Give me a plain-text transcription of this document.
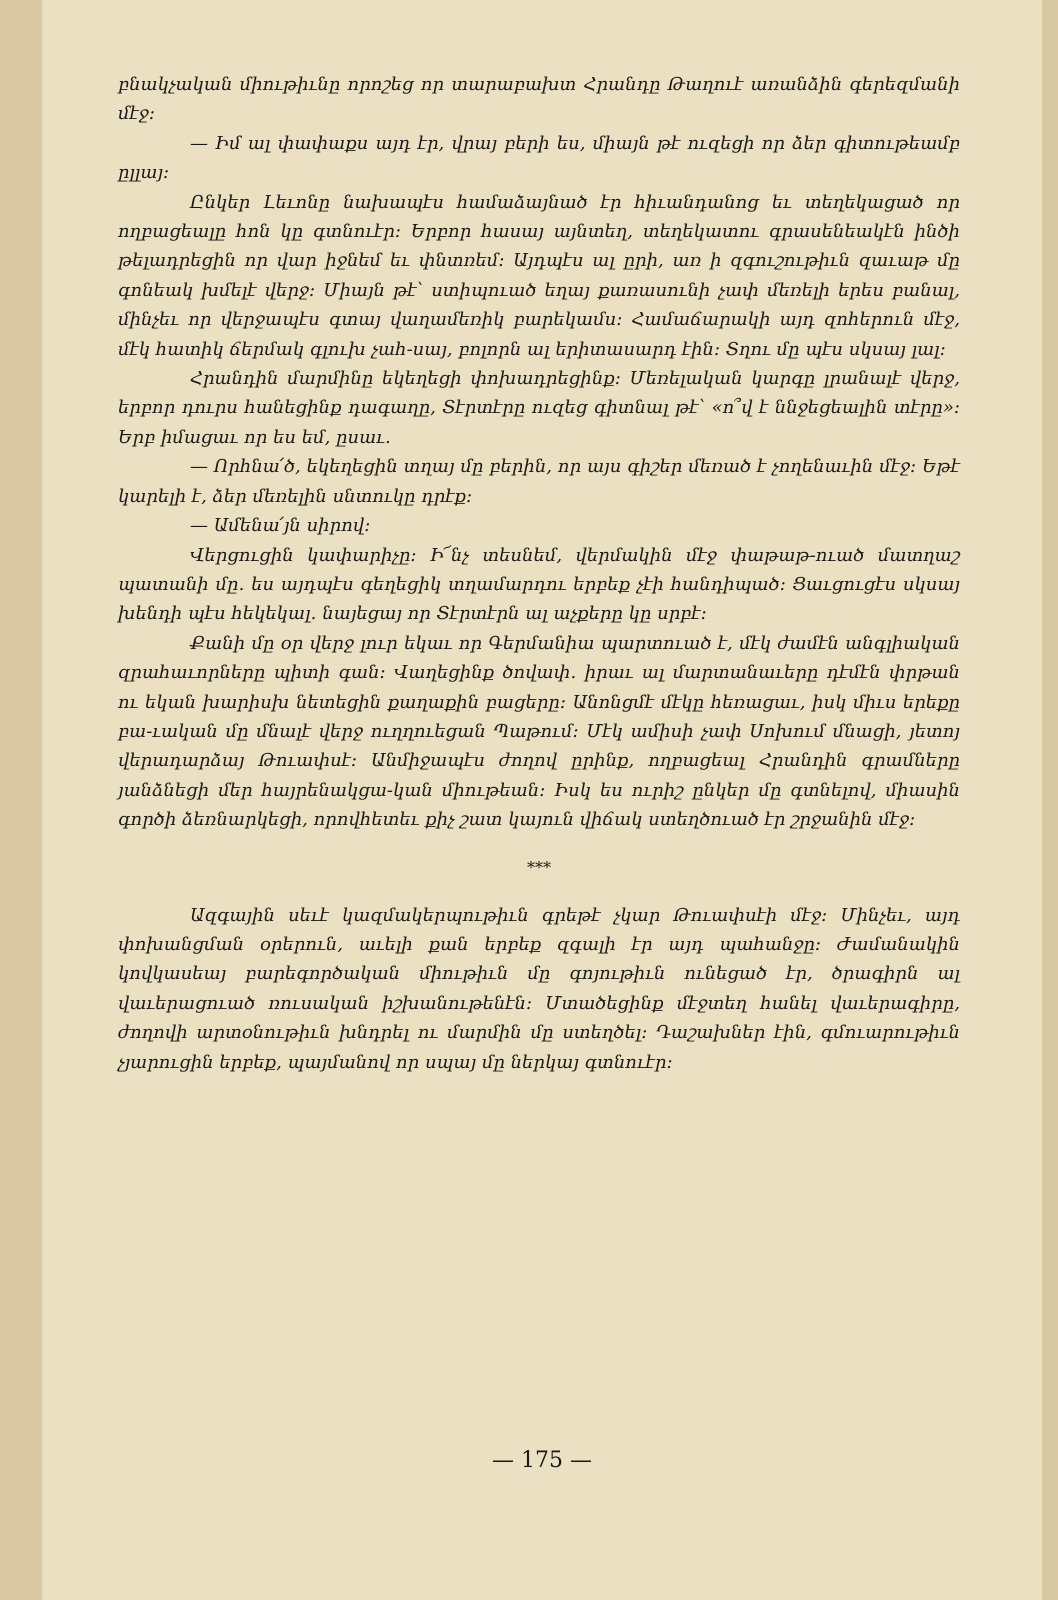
բնակչական միութիւնը որոշեց որ տարաբախտ Հրանդը Թաղուէ առանձին գերեզմանի մէջ։

— Իմ ալ փափաքս այդ էր, վրայ բերի ես, միայն թէ ուզեցի որ ձեր գիտութեամբ ըլլայ։

Ընկեր Լեւոնը նախապէս համաձայնած էր հիւանդանոց եւ տեղեկացած որ ողբացեալը հոն կը գտնուէր։ Երբոր հասայ այնտեղ, տեղեկատու գրասենեակէն ինծի թելադրեցին որ վար իջնեմ եւ փնտռեմ։ Այդպէս ալ ըրի, առ ի զգուշութիւն զաւաթ մը գոնեակ խմելէ վերջ։ Միայն թէ՝ ստիպուած եղայ քառասունի չափ մեռելի երես բանալ, մինչեւ որ վերջապէս գտայ վաղամեռիկ բարեկամս։ Համաճարակի այդ զոհերուն մէջ, մէկ հատիկ ճերմակ գլուխ չահ-սայ, բոլորն ալ երիտասարդ էին։ Տղու մը պէս սկսայ լալ։

Հրանդին մարմինը եկեղեցի փոխադրեցինք։ Մեռելական կարգը լրանալէ վերջ, երբոր դուրս հանեցինք դագաղը, Տէրտէրը ուզեց գիտնալ թէ՝ «ո՞վ է ննջեցեալին տէրը»։ Երբ իմացաւ որ ես եմ, ըսաւ․

— Որհնա՛ծ, եկեղեցին տղայ մը բերին, որ այս գիշեր մեռած է չողենաւին մէջ։ Եթէ կարելի է, ձեր մեռելին սնտուկը դրէք։

— Ամենա՛յն սիրով։

Վերցուցին կափարիչը։ Ի՜նչ տեսնեմ, վերմակին մէջ փաթաթ-ուած մատղաշ պատանի մը․ ես այդպէս գեղեցիկ տղամարդու երբեք չէի հանդիպած։ Ցաւցուցէս սկսայ խենդի պէս հեկեկալ․ նայեցայ որ Տէրտէրն ալ աչքերը կը սրբէ։

Քանի մը օր վերջ լուր եկաւ որ Գերմանիա պարտուած է, մէկ ժամէն անգլիական զրահաւորները պիտի գան։ Վաղեցինք ծովափ․ իրաւ ալ մարտանաւերը դէմէն փրթան ու եկան խարիսխ նետեցին քաղաքին բացերը։ Անոնցմէ մէկը հեռացաւ, իսկ միւս երեքը բա-ւական մը մնալէ վերջ ուղղուեցան Պաթում։ Մէկ ամիսի չափ Սոխում մնացի, յետոյ վերադարձայ Թուափսէ։ Անմիջապէս ժողով ըրինք, ողբացեալ Հրանդին գրամները յանձնեցի մեր հայրենակցա-կան միութեան։ Իսկ ես ուրիշ ընկեր մը գտնելով, միասին գործի ձեռնարկեցի, որովհետեւ քիչ շատ կայուն վիճակ ստեղծուած էր շրջանին մէջ։

***

Ազգային սեւէ կազմակերպութիւն գրեթէ չկար Թուափսէի մէջ։ Մինչեւ, այդ փոխանցման օրերուն, աւելի քան երբեք զգալի էր այդ պահանջը։ Ժամանակին կովկասեայ բարեգործական միութիւն մը գոյութիւն ունեցած էր, ծրագիրն ալ վաւերացուած ռուսական իշխանութենէն։ Մտածեցինք մէջտեղ հանել վաւերագիրը, ժողովի արտօնութիւն խնդրել ու մարմին մը ստեղծել։ Դաշախներ էին, գմուարութիւն չյարուցին երբեք, պայմանով որ սպայ մը ներկայ գտնուէր։

— 175 —
